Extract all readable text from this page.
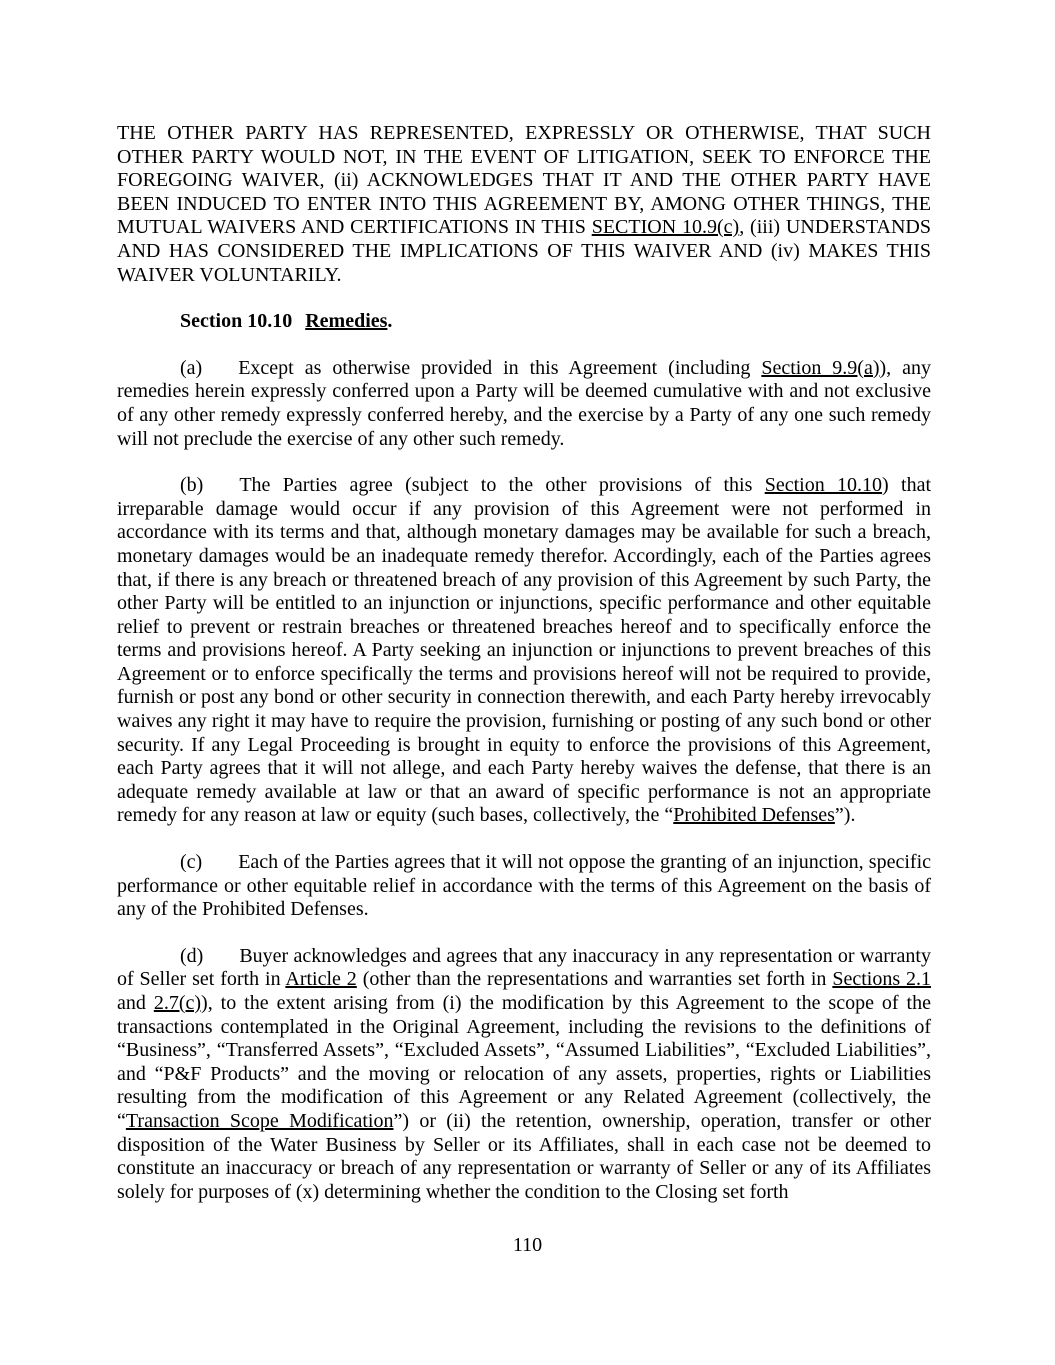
THE OTHER PARTY HAS REPRESENTED, EXPRESSLY OR OTHERWISE, THAT SUCH OTHER PARTY WOULD NOT, IN THE EVENT OF LITIGATION, SEEK TO ENFORCE THE FOREGOING WAIVER, (ii) ACKNOWLEDGES THAT IT AND THE OTHER PARTY HAVE BEEN INDUCED TO ENTER INTO THIS AGREEMENT BY, AMONG OTHER THINGS, THE MUTUAL WAIVERS AND CERTIFICATIONS IN THIS SECTION 10.9(c), (iii) UNDERSTANDS AND HAS CONSIDERED THE IMPLICATIONS OF THIS WAIVER AND (iv) MAKES THIS WAIVER VOLUNTARILY.

Section 10.10 Remedies.

(a) Except as otherwise provided in this Agreement (including Section 9.9(a)), any remedies herein expressly conferred upon a Party will be deemed cumulative with and not exclusive of any other remedy expressly conferred hereby, and the exercise by a Party of any one such remedy will not preclude the exercise of any other such remedy.

(b) The Parties agree (subject to the other provisions of this Section 10.10) that irreparable damage would occur if any provision of this Agreement were not performed in accordance with its terms and that, although monetary damages may be available for such a breach, monetary damages would be an inadequate remedy therefor. Accordingly, each of the Parties agrees that, if there is any breach or threatened breach of any provision of this Agreement by such Party, the other Party will be entitled to an injunction or injunctions, specific performance and other equitable relief to prevent or restrain breaches or threatened breaches hereof and to specifically enforce the terms and provisions hereof. A Party seeking an injunction or injunctions to prevent breaches of this Agreement or to enforce specifically the terms and provisions hereof will not be required to provide, furnish or post any bond or other security in connection therewith, and each Party hereby irrevocably waives any right it may have to require the provision, furnishing or posting of any such bond or other security. If any Legal Proceeding is brought in equity to enforce the provisions of this Agreement, each Party agrees that it will not allege, and each Party hereby waives the defense, that there is an adequate remedy available at law or that an award of specific performance is not an appropriate remedy for any reason at law or equity (such bases, collectively, the “Prohibited Defenses”).

(c) Each of the Parties agrees that it will not oppose the granting of an injunction, specific performance or other equitable relief in accordance with the terms of this Agreement on the basis of any of the Prohibited Defenses.

(d) Buyer acknowledges and agrees that any inaccuracy in any representation or warranty of Seller set forth in Article 2 (other than the representations and warranties set forth in Sections 2.1 and 2.7(c)), to the extent arising from (i) the modification by this Agreement to the scope of the transactions contemplated in the Original Agreement, including the revisions to the definitions of “Business”, “Transferred Assets”, “Excluded Assets”, “Assumed Liabilities”, “Excluded Liabilities”, and “P&F Products” and the moving or relocation of any assets, properties, rights or Liabilities resulting from the modification of this Agreement or any Related Agreement (collectively, the “Transaction Scope Modification”) or (ii) the retention, ownership, operation, transfer or other disposition of the Water Business by Seller or its Affiliates, shall in each case not be deemed to constitute an inaccuracy or breach of any representation or warranty of Seller or any of its Affiliates solely for purposes of (x) determining whether the condition to the Closing set forth

110
